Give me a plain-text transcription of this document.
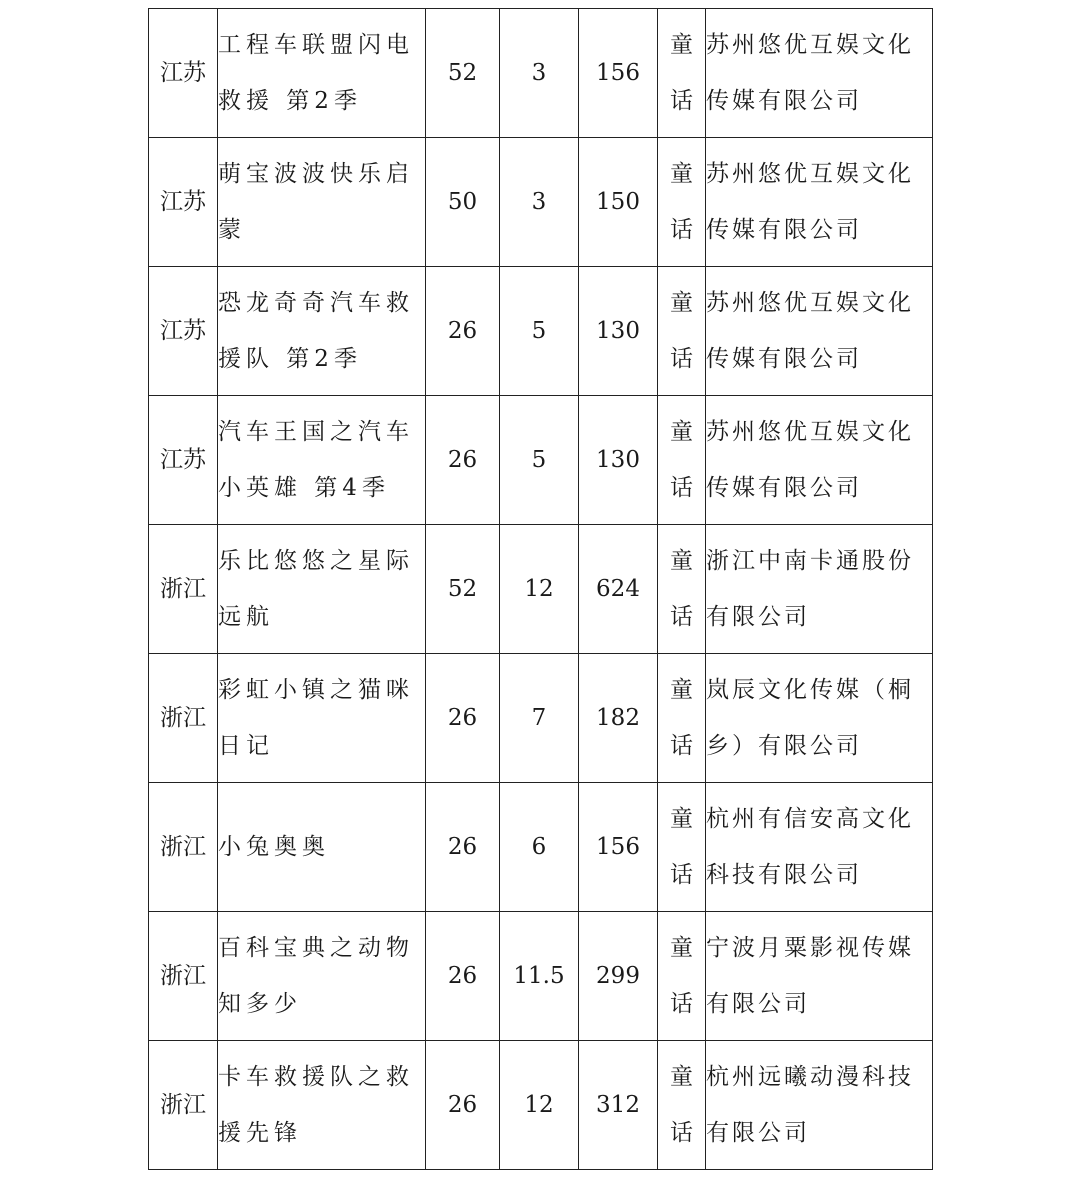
江苏	工程车联盟闪电救援 第2季	52	3	156	童话	苏州悠优互娱文化传媒有限公司
江苏	萌宝波波快乐启蒙	50	3	150	童话	苏州悠优互娱文化传媒有限公司
江苏	恐龙奇奇汽车救援队 第2季	26	5	130	童话	苏州悠优互娱文化传媒有限公司
江苏	汽车王国之汽车小英雄 第4季	26	5	130	童话	苏州悠优互娱文化传媒有限公司
浙江	乐比悠悠之星际远航	52	12	624	童话	浙江中南卡通股份有限公司
浙江	彩虹小镇之猫咪日记	26	7	182	童话	岚辰文化传媒（桐乡）有限公司
浙江	小兔奥奥	26	6	156	童话	杭州有信安高文化科技有限公司
浙江	百科宝典之动物知多少	26	11.5	299	童话	宁波月粟影视传媒有限公司
浙江	卡车救援队之救援先锋	26	12	312	童话	杭州远曦动漫科技有限公司
